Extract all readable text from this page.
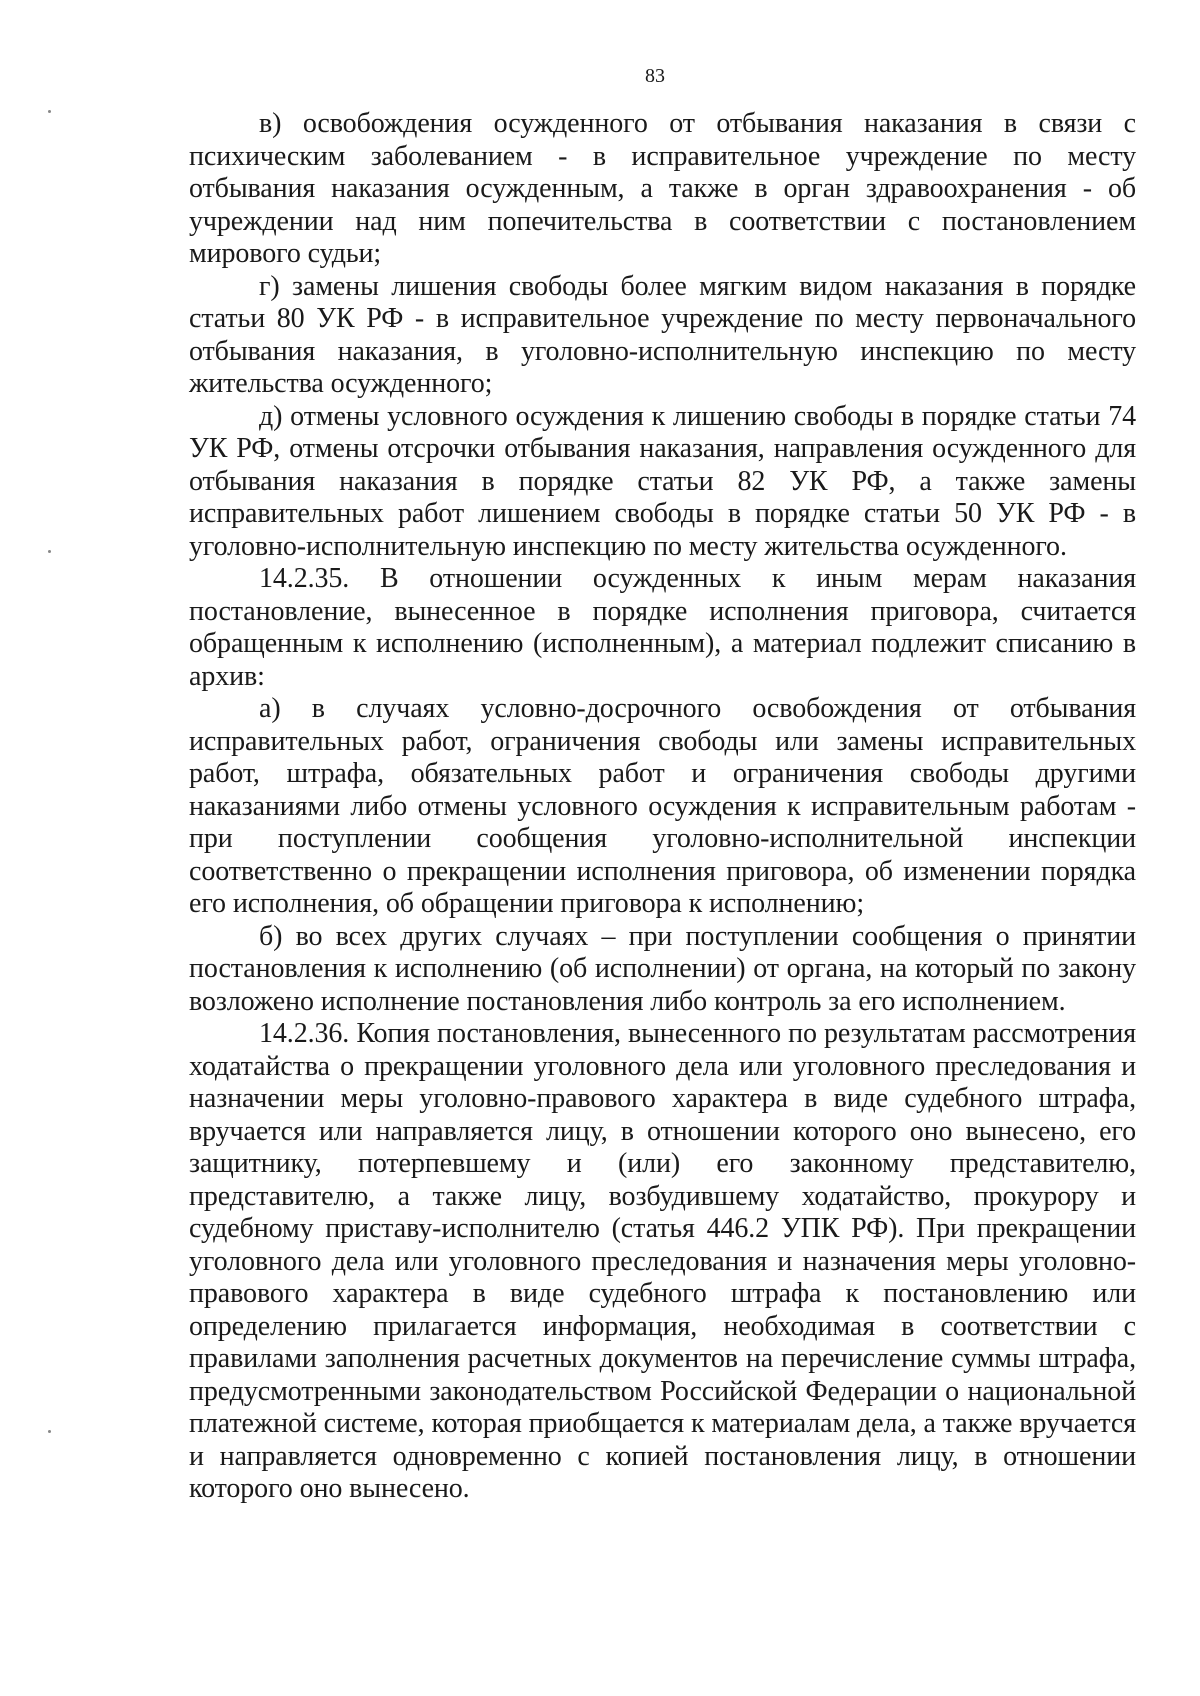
83

в) освобождения осужденного от отбывания наказания в связи с психическим заболеванием - в исправительное учреждение по месту отбывания наказания осужденным, а также в орган здравоохранения - об учреждении над ним попечительства в соответствии с постановлением мирового судьи;

г) замены лишения свободы более мягким видом наказания в порядке статьи 80 УК РФ - в исправительное учреждение по месту первоначального отбывания наказания, в уголовно-исполнительную инспекцию по месту жительства осужденного;

д) отмены условного осуждения к лишению свободы в порядке статьи 74 УК РФ, отмены отсрочки отбывания наказания, направления осужденного для отбывания наказания в порядке статьи 82 УК РФ, а также замены исправительных работ лишением свободы в порядке статьи 50 УК РФ - в уголовно-исполнительную инспекцию по месту жительства осужденного.

14.2.35. В отношении осужденных к иным мерам наказания постановление, вынесенное в порядке исполнения приговора, считается обращенным к исполнению (исполненным), а материал подлежит списанию в архив:

а) в случаях условно-досрочного освобождения от отбывания исправительных работ, ограничения свободы или замены исправительных работ, штрафа, обязательных работ и ограничения свободы другими наказаниями либо отмены условного осуждения к исправительным работам - при поступлении сообщения уголовно-исполнительной инспекции соответственно о прекращении исполнения приговора, об изменении порядка его исполнения, об обращении приговора к исполнению;

б) во всех других случаях – при поступлении сообщения о принятии постановления к исполнению (об исполнении) от органа, на который по закону возложено исполнение постановления либо контроль за его исполнением.

14.2.36. Копия постановления, вынесенного по результатам рассмотрения ходатайства о прекращении уголовного дела или уголовного преследования и назначении меры уголовно-правового характера в виде судебного штрафа, вручается или направляется лицу, в отношении которого оно вынесено, его защитнику, потерпевшему и (или) его законному представителю, представителю, а также лицу, возбудившему ходатайство, прокурору и судебному приставу-исполнителю (статья 446.2 УПК РФ). При прекращении уголовного дела или уголовного преследования и назначения меры уголовно-правового характера в виде судебного штрафа к постановлению или определению прилагается информация, необходимая в соответствии с правилами заполнения расчетных документов на перечисление суммы штрафа, предусмотренными законодательством Российской Федерации о национальной платежной системе, которая приобщается к материалам дела, а также вручается и направляется одновременно с копией постановления лицу, в отношении которого оно вынесено.
